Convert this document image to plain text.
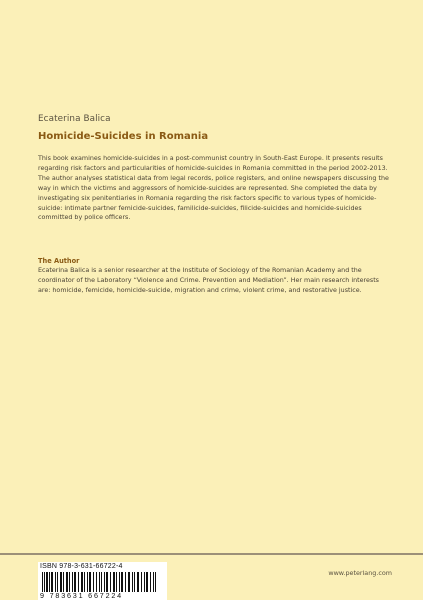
Ecaterina Balica
Homicide-Suicides in Romania

This book examines homicide-suicides in a post-communist country in South-East Europe. It presents results regarding risk factors and particularities of homicide-suicides in Romania committed in the period 2002-2013.

The author analyses statistical data from legal records, police registers, and online newspapers discussing the way in which the victims and aggressors of homicide-suicides are represented. She completed the data by investigating six penitentiaries in Romania regarding the risk factors specific to various types of homicide-suicide: intimate partner femicide-suicides, familicide-suicides, filicide-suicides and homicide-suicides committed by police officers.

The Author
Ecaterina Balica is a senior researcher at the Institute of Sociology of the Romanian Academy and the coordinator of the Laboratory “Violence and Crime. Prevention and Mediation”. Her main research interests are: homicide, femicide, homicide-suicide, migration and crime, violent crime, and restorative justice.
ISBN 978-3-631-66722-4
9 783631 667224
www.peterlang.com
